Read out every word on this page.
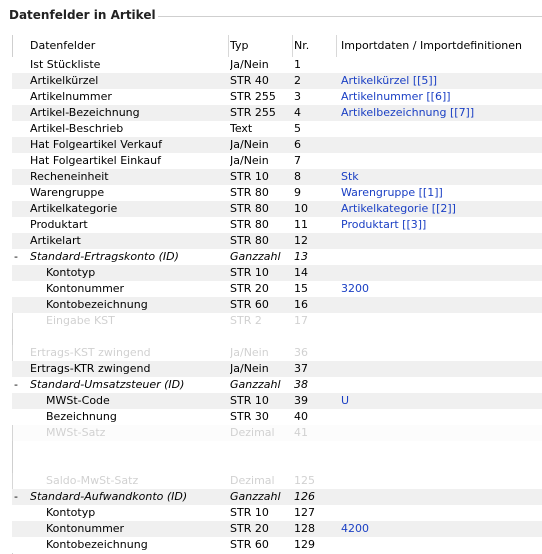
Datenfelder in Artikel
Datenfelder	Typ	Nr.	Importdaten / Importdefinitionen
Ist Stückliste	Ja/Nein	1
Artikelkürzel	STR 40	2	Artikelkürzel [[5]]
Artikelnummer	STR 255	3	Artikelnummer [[6]]
Artikel-Bezeichnung	STR 255	4	Artikelbezeichnung [[7]]
Artikel-Beschrieb	Text	5
Hat Folgeartikel Verkauf	Ja/Nein	6
Hat Folgeartikel Einkauf	Ja/Nein	7
Recheneinheit	STR 10	8	Stk
Warengruppe	STR 80	9	Warengruppe [[1]]
Artikelkategorie	STR 80	10	Artikelkategorie [[2]]
Produktart	STR 80	11	Produktart [[3]]
Artikelart	STR 80	12
-	Standard-Ertragskonto (ID)	Ganzzahl	13
Kontotyp	STR 10	14
Kontonummer	STR 20	15	3200
Kontobezeichnung	STR 60	16
Eingabe KST	STR 2	17
Ertrags-KST zwingend	Ja/Nein	36
Ertrags-KTR zwingend	Ja/Nein	37
-	Standard-Umsatzsteuer (ID)	Ganzzahl	38
MWSt-Code	STR 10	39	U
Bezeichnung	STR 30	40
MWSt-Satz	Dezimal	41
Saldo-MwSt-Satz	Dezimal	125
-	Standard-Aufwandkonto (ID)	Ganzzahl	126
Kontotyp	STR 10	127
Kontonummer	STR 20	128	4200
Kontobezeichnung	STR 60	129
